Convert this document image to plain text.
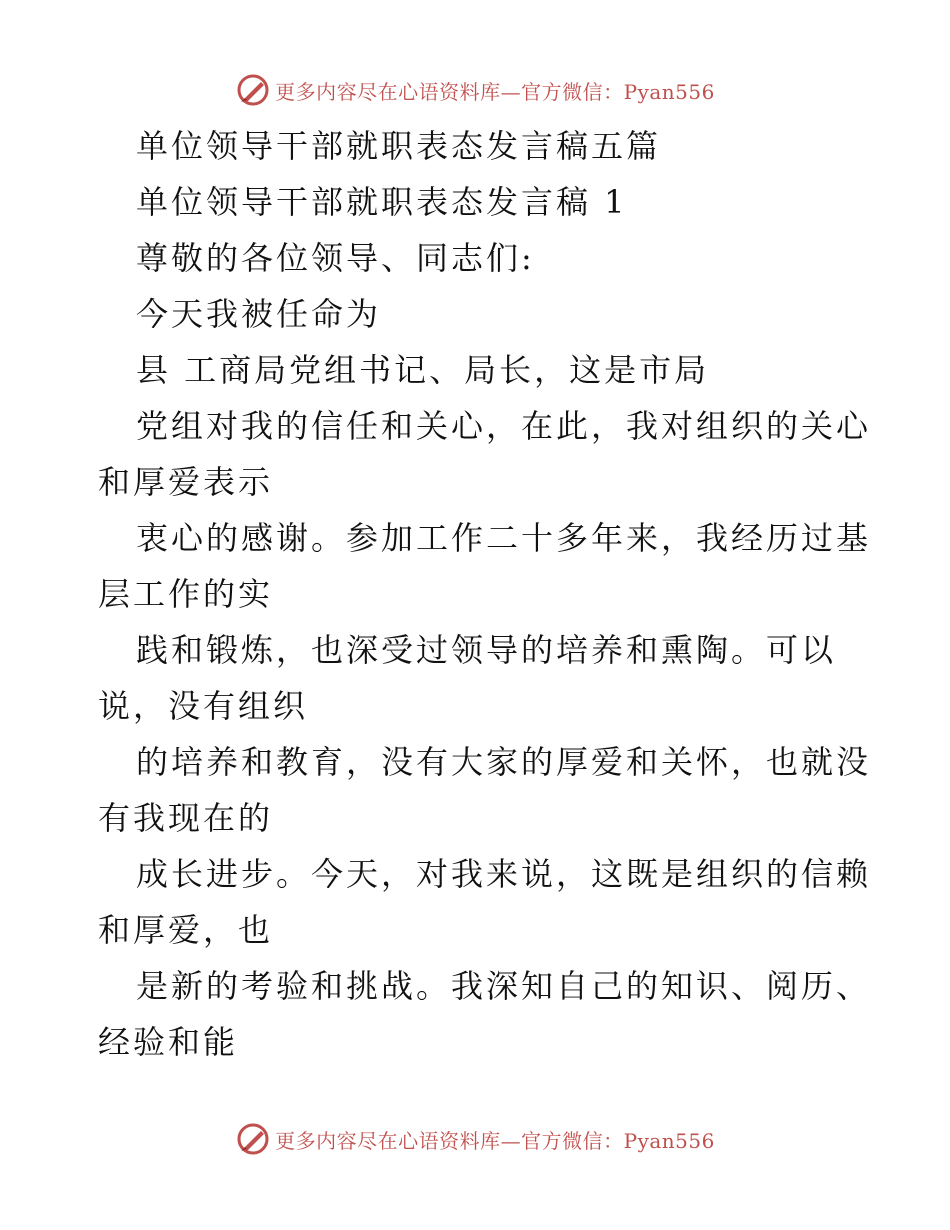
更多内容尽在心语资料库—官方微信：Pyan556
单位领导干部就职表态发言稿五篇
单位领导干部就职表态发言稿 1
尊敬的各位领导、同志们:
今天我被任命为
县 工商局党组书记、局长，这是市局
党组对我的信任和关心，在此，我对组织的关心
和厚爱表示
衷心的感谢。参加工作二十多年来，我经历过基
层工作的实
践和锻炼，也深受过领导的培养和熏陶。可以
说，没有组织
的培养和教育，没有大家的厚爱和关怀，也就没
有我现在的
成长进步。今天，对我来说，这既是组织的信赖
和厚爱，也
是新的考验和挑战。我深知自己的知识、阅历、
经验和能
更多内容尽在心语资料库—官方微信：Pyan556
